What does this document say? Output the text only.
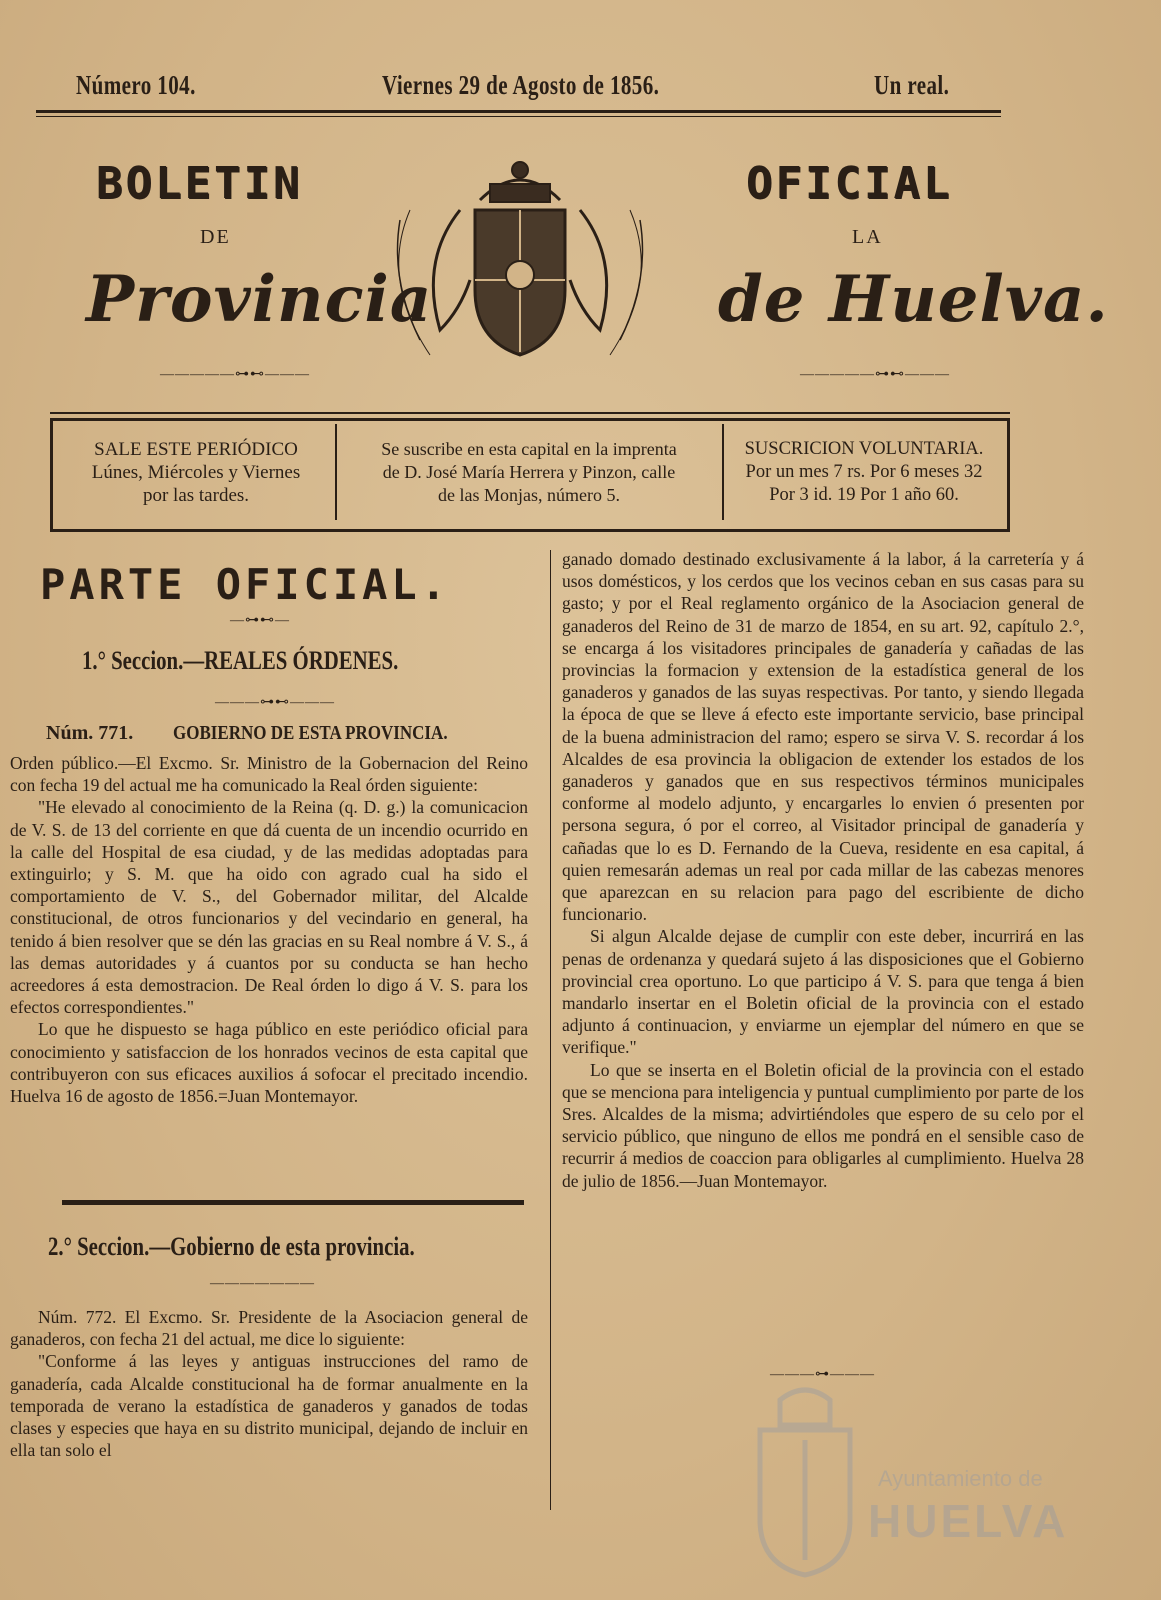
Número 104.	Viernes 29 de Agosto de 1856.	Un real.
BOLETIN	OFICIAL
DE	LA
Provincia	de Huelva.
—————⊶⊷———	—————⊶⊷———
SALE ESTE PERIÓDICO
Lúnes, Miércoles y Viernes
por las tardes.
Se suscribe en esta capital en la imprenta
de D. José María Herrera y Pinzon, calle
de las Monjas, número 5.
SUSCRICION VOLUNTARIA.
Por un mes 7 rs. Por 6 meses 32
Por 3 id. 19 Por 1 año 60.
PARTE OFICIAL.
—⊶⊷—
1.° Seccion.—REALES ÓRDENES.
———⊶⊷———
Núm. 771. GOBIERNO DE ESTA PROVINCIA.

Orden público.—El Excmo. Sr. Ministro de la Gobernacion del Reino con fecha 19 del actual me ha comunicado la Real órden siguiente:

"He elevado al conocimiento de la Reina (q. D. g.) la comunicacion de V. S. de 13 del corriente en que dá cuenta de un incendio ocurrido en la calle del Hospital de esa ciudad, y de las medidas adoptadas para extinguirlo; y S. M. que ha oido con agrado cual ha sido el comportamiento de V. S., del Gobernador militar, del Alcalde constitucional, de otros funcionarios y del vecindario en general, ha tenido á bien resolver que se dén las gracias en su Real nombre á V. S., á las demas autoridades y á cuantos por su conducta se han hecho acreedores á esta demostracion. De Real órden lo digo á V. S. para los efectos correspondientes."

Lo que he dispuesto se haga público en este periódico oficial para conocimiento y satisfaccion de los honrados vecinos de esta capital que contribuyeron con sus eficaces auxilios á sofocar el precitado incendio. Huelva 16 de agosto de 1856.=Juan Montemayor.

2.° Seccion.—Gobierno de esta provincia.
———————

Núm. 772. El Excmo. Sr. Presidente de la Asociacion general de ganaderos, con fecha 21 del actual, me dice lo siguiente:

"Conforme á las leyes y antiguas instrucciones del ramo de ganadería, cada Alcalde constitucional ha de formar anualmente en la temporada de verano la estadística de ganaderos y ganados de todas clases y especies que haya en su distrito municipal, dejando de incluir en ella tan solo el

ganado domado destinado exclusivamente á la labor, á la carretería y á usos domésticos, y los cerdos que los vecinos ceban en sus casas para su gasto; y por el Real reglamento orgánico de la Asociacion general de ganaderos del Reino de 31 de marzo de 1854, en su art. 92, capítulo 2.°, se encarga á los visitadores principales de ganadería y cañadas de las provincias la formacion y extension de la estadística general de los ganaderos y ganados de las suyas respectivas. Por tanto, y siendo llegada la época de que se lleve á efecto este importante servicio, base principal de la buena administracion del ramo; espero se sirva V. S. recordar á los Alcaldes de esa provincia la obligacion de extender los estados de los ganaderos y ganados que en sus respectivos términos municipales conforme al modelo adjunto, y encargarles lo envien ó presenten por persona segura, ó por el correo, al Visitador principal de ganadería y cañadas que lo es D. Fernando de la Cueva, residente en esa capital, á quien remesarán ademas un real por cada millar de las cabezas menores que aparezcan en su relacion para pago del escribiente de dicho funcionario.

Si algun Alcalde dejase de cumplir con este deber, incurrirá en las penas de ordenanza y quedará sujeto á las disposiciones que el Gobierno provincial crea oportuno. Lo que participo á V. S. para que tenga á bien mandarlo insertar en el Boletin oficial de la provincia con el estado adjunto á continuacion, y enviarme un ejemplar del número en que se verifique."

Lo que se inserta en el Boletin oficial de la provincia con el estado que se menciona para inteligencia y puntual cumplimiento por parte de los Sres. Alcaldes de la misma; advirtiéndoles que espero de su celo por el servicio público, que ninguno de ellos me pondrá en el sensible caso de recurrir á medios de coaccion para obligarles al cumplimiento. Huelva 28 de julio de 1856.—Juan Montemayor.

———⊶———
Ayuntamiento de
HUELVA
